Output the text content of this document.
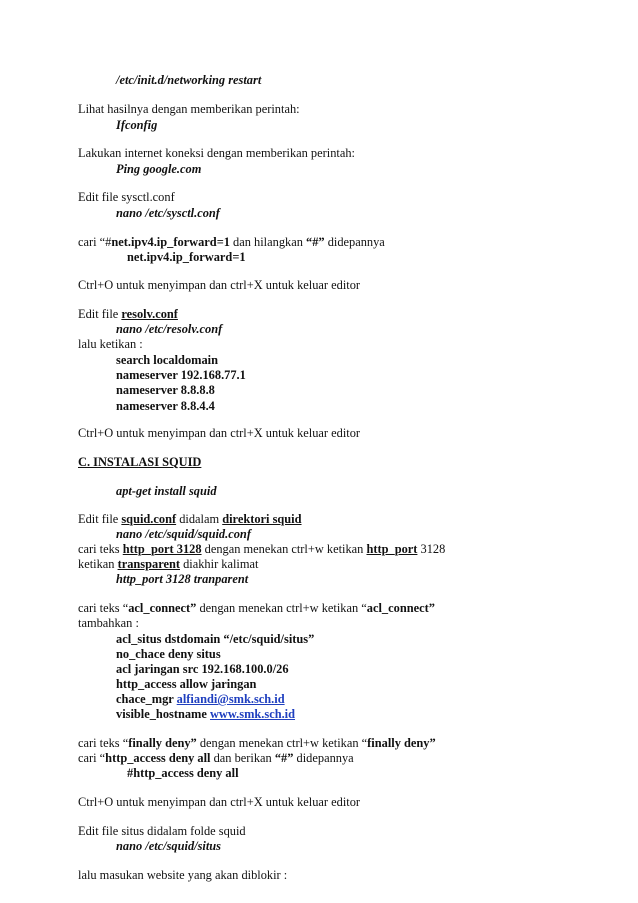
/etc/init.d/networking restart
Lihat hasilnya dengan memberikan perintah:
Ifconfig
Lakukan internet koneksi dengan memberikan perintah:
Ping google.com
Edit file sysctl.conf
nano /etc/sysctl.conf
cari “#net.ipv4.ip_forward=1 dan hilangkan “#” didepannya
net.ipv4.ip_forward=1
Ctrl+O untuk menyimpan dan ctrl+X untuk keluar editor
Edit file resolv.conf
nano /etc/resolv.conf
lalu ketikan :
search localdomain
nameserver 192.168.77.1
nameserver 8.8.8.8
nameserver 8.8.4.4
Ctrl+O untuk menyimpan dan ctrl+X untuk keluar editor
C. INSTALASI SQUID
apt-get install squid
Edit file squid.conf didalam direktori squid
nano /etc/squid/squid.conf
cari teks http_port 3128 dengan menekan ctrl+w ketikan http_port 3128
ketikan transparent diakhir kalimat
http_port 3128 tranparent
cari teks “acl_connect” dengan menekan ctrl+w ketikan “acl_connect”
tambahkan :
acl_situs dstdomain “/etc/squid/situs”
no_chace deny situs
acl jaringan src 192.168.100.0/26
http_access allow jaringan
chace_mgr alfiandi@smk.sch.id
visible_hostname www.smk.sch.id
cari teks “finally deny” dengan menekan ctrl+w ketikan “finally deny”
cari “http_access deny all dan berikan “#” didepannya
#http_access deny all
Ctrl+O untuk menyimpan dan ctrl+X untuk keluar editor
Edit file situs didalam folde squid
nano /etc/squid/situs
lalu masukan website yang akan diblokir :
